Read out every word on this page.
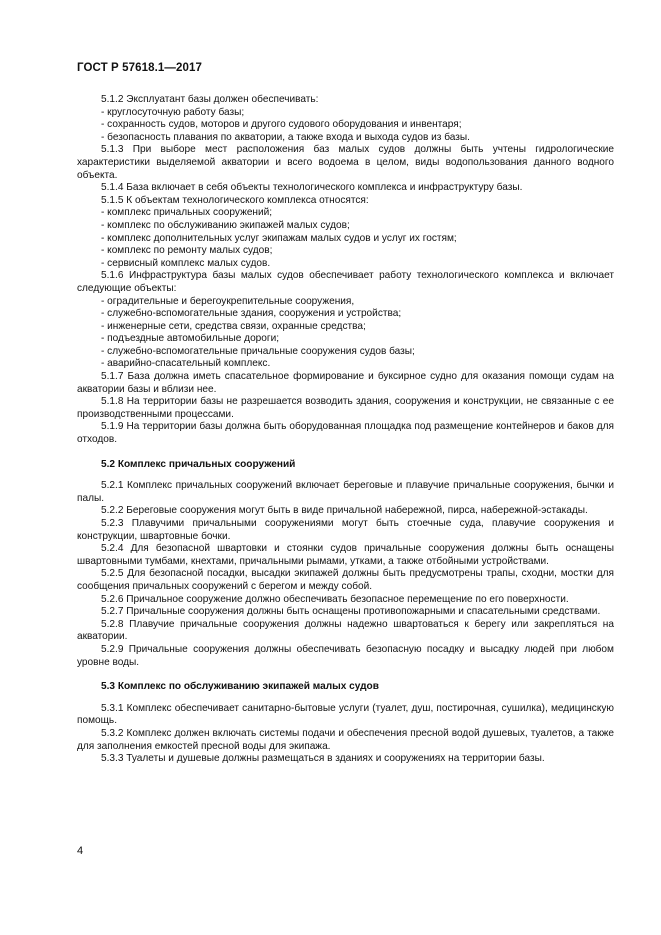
ГОСТ Р 57618.1—2017

5.1.2 Эксплуатант базы должен обеспечивать:

- круглосуточную работу базы;

- сохранность судов, моторов и другого судового оборудования и инвентаря;

- безопасность плавания по акватории, а также входа и выхода судов из базы.

5.1.3 При выборе мест расположения баз малых судов должны быть учтены гидрологические характеристики выделяемой акватории и всего водоема в целом, виды водопользования данного водного объекта.

5.1.4 База включает в себя объекты технологического комплекса и инфраструктуру базы.

5.1.5 К объектам технологического комплекса относятся:

- комплекс причальных сооружений;

- комплекс по обслуживанию экипажей малых судов;

- комплекс дополнительных услуг экипажам малых судов и услуг их гостям;

- комплекс по ремонту малых судов;

- сервисный комплекс малых судов.

5.1.6 Инфраструктура базы малых судов обеспечивает работу технологического комплекса и включает следующие объекты:

- оградительные и берегоукрепительные сооружения,

- служебно-вспомогательные здания, сооружения и устройства;

- инженерные сети, средства связи, охранные средства;

- подъездные автомобильные дороги;

- служебно-вспомогательные причальные сооружения судов базы;

- аварийно-спасательный комплекс.

5.1.7 База должна иметь спасательное формирование и буксирное судно для оказания помощи судам на акватории базы и вблизи нее.

5.1.8 На территории базы не разрешается возводить здания, сооружения и конструкции, не связанные с ее производственными процессами.

5.1.9 На территории базы должна быть оборудованная площадка под размещение контейнеров и баков для отходов.

5.2 Комплекс причальных сооружений

5.2.1 Комплекс причальных сооружений включает береговые и плавучие причальные сооружения, бычки и палы.

5.2.2 Береговые сооружения могут быть в виде причальной набережной, пирса, набережной-эстакады.

5.2.3 Плавучими причальными сооружениями могут быть стоечные суда, плавучие сооружения и конструкции, швартовные бочки.

5.2.4 Для безопасной швартовки и стоянки судов причальные сооружения должны быть оснащены швартовными тумбами, кнехтами, причальными рымами, утками, а также отбойными устройствами.

5.2.5 Для безопасной посадки, высадки экипажей должны быть предусмотрены трапы, сходни, мостки для сообщения причальных сооружений с берегом и между собой.

5.2.6 Причальное сооружение должно обеспечивать безопасное перемещение по его поверхности.

5.2.7 Причальные сооружения должны быть оснащены противопожарными и спасательными средствами.

5.2.8 Плавучие причальные сооружения должны надежно швартоваться к берегу или закрепляться на акватории.

5.2.9 Причальные сооружения должны обеспечивать безопасную посадку и высадку людей при любом уровне воды.

5.3 Комплекс по обслуживанию экипажей малых судов

5.3.1 Комплекс обеспечивает санитарно-бытовые услуги (туалет, душ, постирочная, сушилка), медицинскую помощь.

5.3.2 Комплекс должен включать системы подачи и обеспечения пресной водой душевых, туалетов, а также для заполнения емкостей пресной воды для экипажа.

5.3.3 Туалеты и душевые должны размещаться в зданиях и сооружениях на территории базы.

4
